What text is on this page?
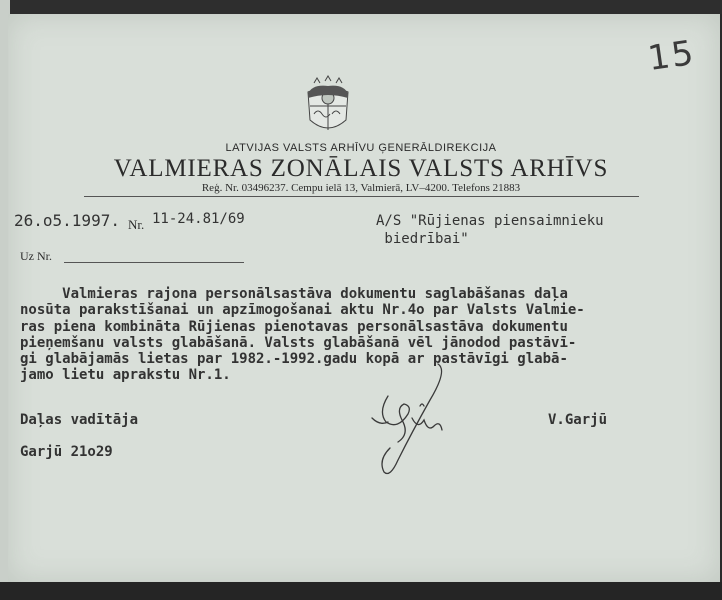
15
LATVIJAS VALSTS ARHĪVU ĢENERĀLDIREKCIJA
VALMIERAS ZONĀLAIS VALSTS ARHĪVS
Reģ. Nr. 03496237. Cempu ielā 13, Valmierā, LV–4200. Telefons 21883
26.o5.1997. Nr. 11-24.81/69	A/S "Rūjienas piensaimnieku
biedrībai"
Uz Nr.
Valmieras rajona personālsastāva dokumentu saglabāšanas daļa
nosūta parakstīšanai un apzīmogošanai aktu Nr.4o par Valsts Valmie-
ras piena kombināta Rūjienas pienotavas personālsastāva dokumentu
pieņemšanu valsts glabāšanā. Valsts glabāšanā vēl jānodod pastāvī-
gi glabājamās lietas par 1982.-1992.gadu kopā ar pastāvīgi glabā-
jamo lietu aprakstu Nr.1.
Daļas vadītāja	V.Garjū
Garjū 21o29
